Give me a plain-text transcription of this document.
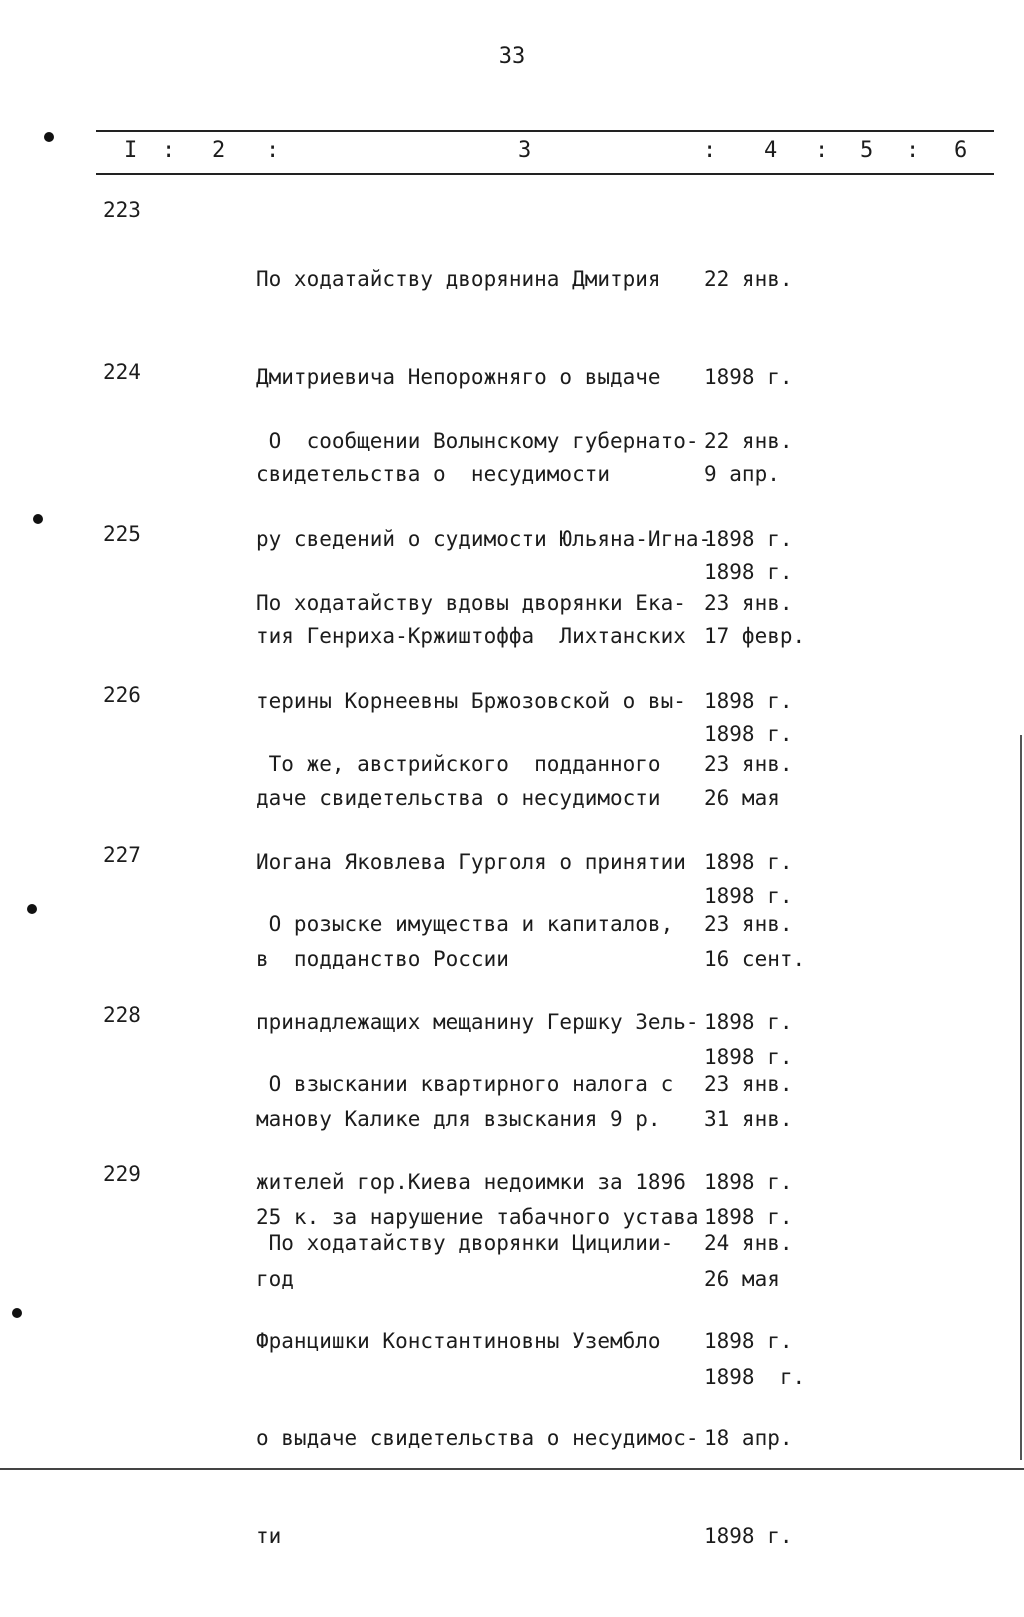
33
I : 2 :	3	: 4 : 5 : 6
223

По ходатайству дворянина Дмитрия

Дмитриевича Непорожняго о выдаче

свидетельства о  несудимости

22 янв.

1898 г.

9 апр.

1898 г.

224

О  сообщении Волынскому губернато-

ру сведений о судимости Юльяна-Игна-

тия Генриха-Кржиштоффа  Лихтанских

22 янв.

1898 г.

17 февр.

1898 г.

225

По ходатайству вдовы дворянки Ека-

терины Корнеевны Бржозовской о вы-

даче свидетельства о несудимости

23 янв.

1898 г.

26 мая

1898 г.

226

То же, австрийского  подданного

Иогана Яковлева Гурголя о принятии

в  подданство России

23 янв.

1898 г.

16 сент.

1898 г.

227

О розыске имущества и капиталов,

принадлежащих мещанину Гершку Зель-

манову Калике для взыскания 9 р.

25 к. за нарушение табачного устава

23 янв.

1898 г.

31 янв.

1898 г.

228

О взыскании квартирного налога с

жителей гор.Киева недоимки за 1896

год

23 янв.

1898 г.

26 мая

1898  г.

229

По ходатайству дворянки Цицилии-

Францишки Константиновны Узембло

о выдаче свидетельства о несудимос-

ти

24 янв.

1898 г.

18 апр.

1898 г.
